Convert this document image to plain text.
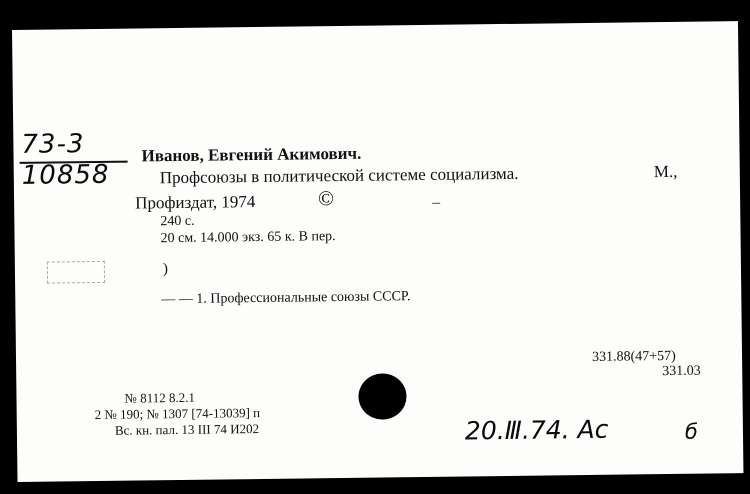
73-3
10858
Иванов, Евгений Акимович.
Профсоюзы в политической системе социализма.	М.,
Профиздат, 1974	©
240 с.
20 см. 14.000 экз. 65 к. В пер.
)
— — 1. Профессиональные союзы СССР.
331.88(47+57)
331.03
№ 8112 8.2.1
2 № 190; № 1307 [74-13039] п
Вс. кн. пал. 13 III 74 И202	20.Ⅲ.74. Ас	б
